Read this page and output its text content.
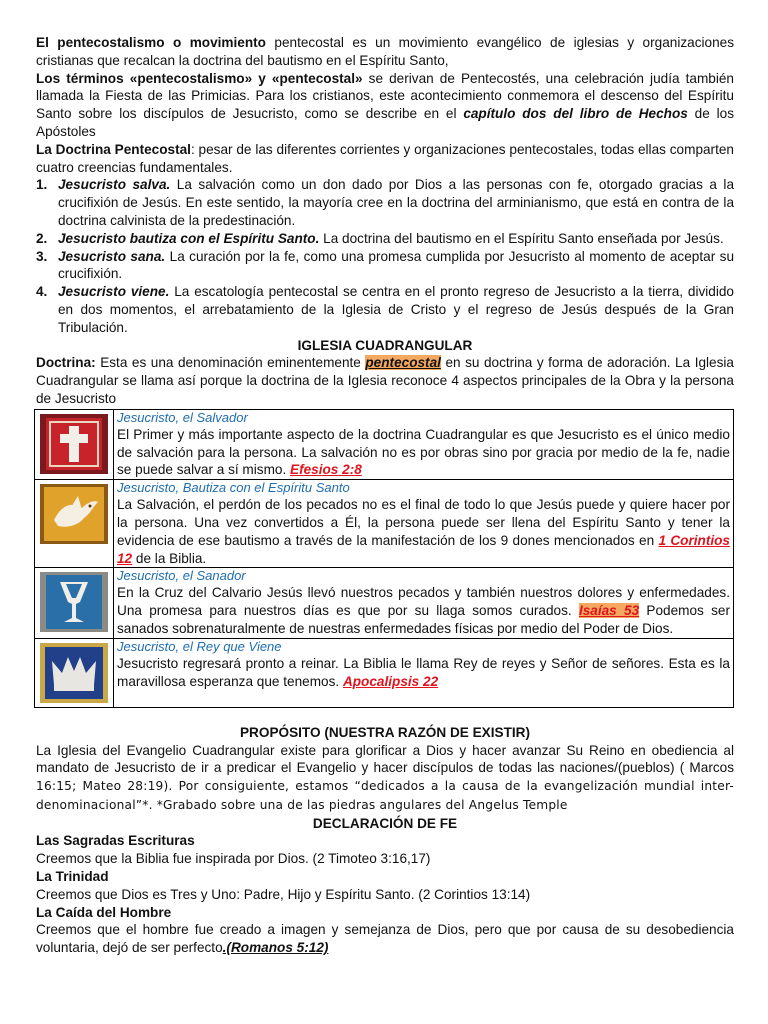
El pentecostalismo o movimiento pentecostal es un movimiento evangélico de iglesias y organizaciones cristianas que recalcan la doctrina del bautismo en el Espíritu Santo,

Los términos «pentecostalismo» y «pentecostal» se derivan de Pentecostés, una celebración judía también llamada la Fiesta de las Primicias. Para los cristianos, este acontecimiento conmemora el descenso del Espíritu Santo sobre los discípulos de Jesucristo, como se describe en el capítulo dos del libro de Hechos de los Apóstoles

La Doctrina Pentecostal: pesar de las diferentes corrientes y organizaciones pentecostales, todas ellas comparten cuatro creencias fundamentales.

1. Jesucristo salva. La salvación como un don dado por Dios a las personas con fe, otorgado gracias a la crucifixión de Jesús. En este sentido, la mayoría cree en la doctrina del arminianismo, que está en contra de la doctrina calvinista de la predestinación.
2. Jesucristo bautiza con el Espíritu Santo. La doctrina del bautismo en el Espíritu Santo enseñada por Jesús.
3. Jesucristo sana. La curación por la fe, como una promesa cumplida por Jesucristo al momento de aceptar su crucifixión.
4. Jesucristo viene. La escatología pentecostal se centra en el pronto regreso de Jesucristo a la tierra, dividido en dos momentos, el arrebatamiento de la Iglesia de Cristo y el regreso de Jesús después de la Gran Tribulación.

IGLESIA CUADRANGULAR

Doctrina: Esta es una denominación eminentemente pentecostal en su doctrina y forma de adoración. La Iglesia Cuadrangular se llama así porque la doctrina de la Iglesia reconoce 4 aspectos principales de la Obra y la persona de Jesucristo

Jesucristo, el Salvador

El Primer y más importante aspecto de la doctrina Cuadrangular es que Jesucristo es el único medio de salvación para la persona. La salvación no es por obras sino por gracia por medio de la fe, nadie se puede salvar a sí mismo. Efesios 2:8

Jesucristo, Bautiza con el Espíritu Santo

La Salvación, el perdón de los pecados no es el final de todo lo que Jesús puede y quiere hacer por la persona. Una vez convertidos a Él, la persona puede ser llena del Espíritu Santo y tener la evidencia de ese bautismo a través de la manifestación de los 9 dones mencionados en 1 Corintios 12 de la Biblia.

Jesucristo, el Sanador

En la Cruz del Calvario Jesús llevó nuestros pecados y también nuestros dolores y enfermedades. Una promesa para nuestros días es que por su llaga somos curados. Isaías 53 Podemos ser sanados sobrenaturalmente de nuestras enfermedades físicas por medio del Poder de Dios.

Jesucristo, el Rey que Viene

Jesucristo regresará pronto a reinar. La Biblia le llama Rey de reyes y Señor de señores. Esta es la maravillosa esperanza que tenemos. Apocalipsis 22

PROPÓSITO (NUESTRA RAZÓN DE EXISTIR)

La Iglesia del Evangelio Cuadrangular existe para glorificar a Dios y hacer avanzar Su Reino en obediencia al mandato de Jesucristo de ir a predicar el Evangelio y hacer discípulos de todas las naciones/(pueblos) ( Marcos 16:15; Mateo 28:19). Por consiguiente, estamos “dedicados a la causa de la evangelización mundial inter-denominacional”*. *Grabado sobre una de las piedras angulares del Angelus Temple

DECLARACIÓN DE FE

Las Sagradas Escrituras

Creemos que la Biblia fue inspirada por Dios. (2 Timoteo 3:16,17)

La Trinidad

Creemos que Dios es Tres y Uno: Padre, Hijo y Espíritu Santo. (2 Corintios 13:14)

La Caída del Hombre

Creemos que el hombre fue creado a imagen y semejanza de Dios, pero que por causa de su desobediencia voluntaria, dejó de ser perfecto.(Romanos 5:12)
